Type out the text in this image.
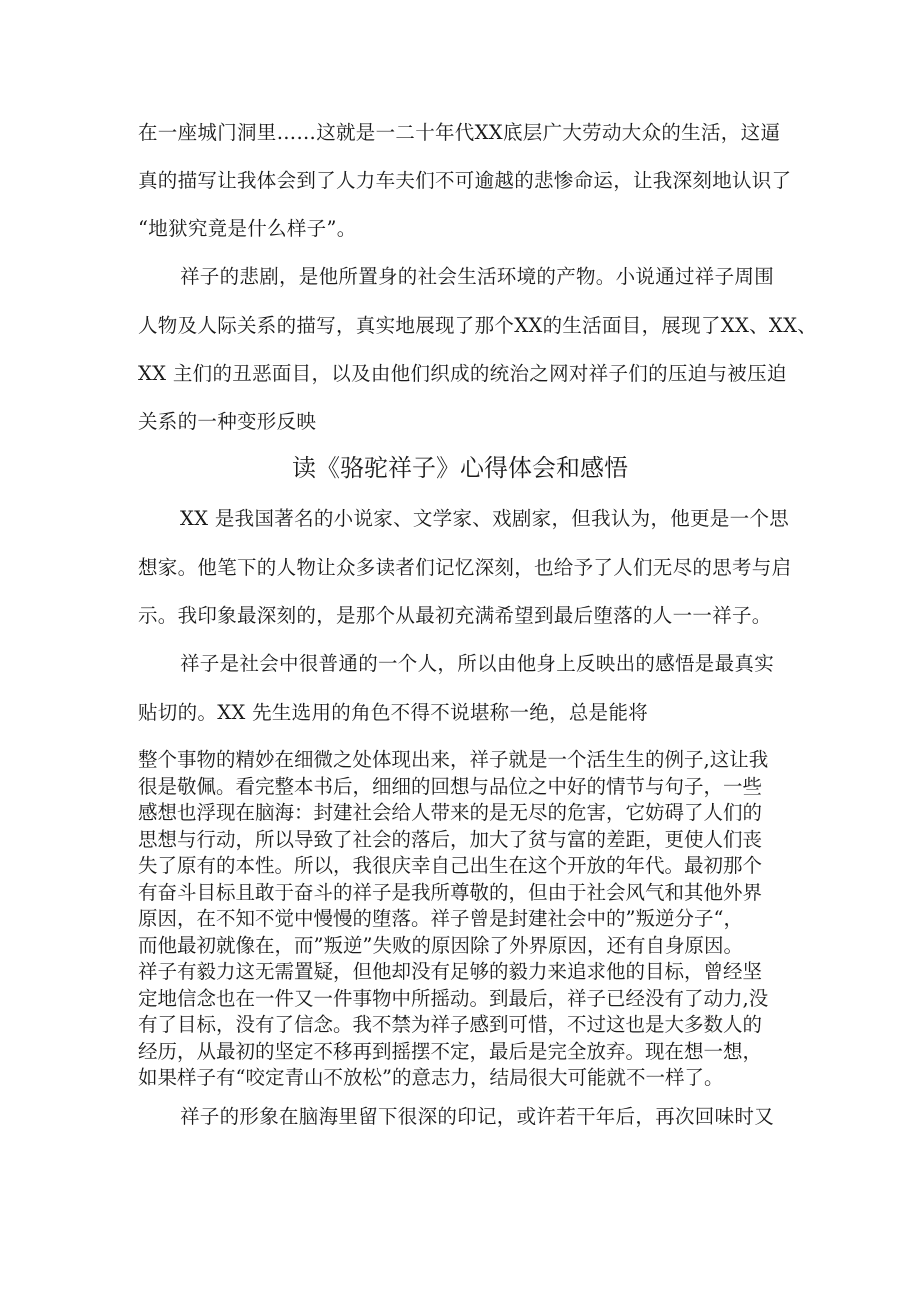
在一座城门洞里……这就是一二十年代XX底层广大劳动大众的生活，这逼
真的描写让我体会到了人力车夫们不可逾越的悲惨命运，让我深刻地认识了
“地狱究竟是什么样子”。
祥子的悲剧，是他所置身的社会生活环境的产物。小说通过祥子周围
人物及人际关系的描写，真实地展现了那个XX的生活面目，展现了XX、XX、
XX 主们的丑恶面目，以及由他们织成的统治之网对祥子们的压迫与被压迫
关系的一种变形反映
读《骆驼祥子》心得体会和感悟
XX 是我国著名的小说家、文学家、戏剧家，但我认为，他更是一个思
想家。他笔下的人物让众多读者们记忆深刻，也给予了人们无尽的思考与启
示。我印象最深刻的，是那个从最初充满希望到最后堕落的人一一祥子。
祥子是社会中很普通的一个人，所以由他身上反映出的感悟是最真实
贴切的。XX 先生选用的角色不得不说堪称一绝，总是能将
整个事物的精妙在细微之处体现出来，祥子就是一个活生生的例子,这让我
很是敬佩。看完整本书后，细细的回想与品位之中好的情节与句子，一些
感想也浮现在脑海：封建社会给人带来的是无尽的危害，它妨碍了人们的
思想与行动，所以导致了社会的落后，加大了贫与富的差距，更使人们丧
失了原有的本性。所以，我很庆幸自己出生在这个开放的年代。最初那个
有奋斗目标且敢于奋斗的祥子是我所尊敬的，但由于社会风气和其他外界
原因，在不知不觉中慢慢的堕落。祥子曾是封建社会中的”叛逆分子“，
而他最初就像在，而”叛逆”失败的原因除了外界原因，还有自身原因。
祥子有毅力这无需置疑，但他却没有足够的毅力来追求他的目标，曾经坚
定地信念也在一件又一件事物中所摇动。到最后，祥子已经没有了动力,没
有了目标，没有了信念。我不禁为祥子感到可惜，不过这也是大多数人的
经历，从最初的坚定不移再到摇摆不定，最后是完全放弃。现在想一想，
如果样子有“咬定青山不放松”的意志力，结局很大可能就不一样了。
祥子的形象在脑海里留下很深的印记，或许若干年后，再次回味时又
